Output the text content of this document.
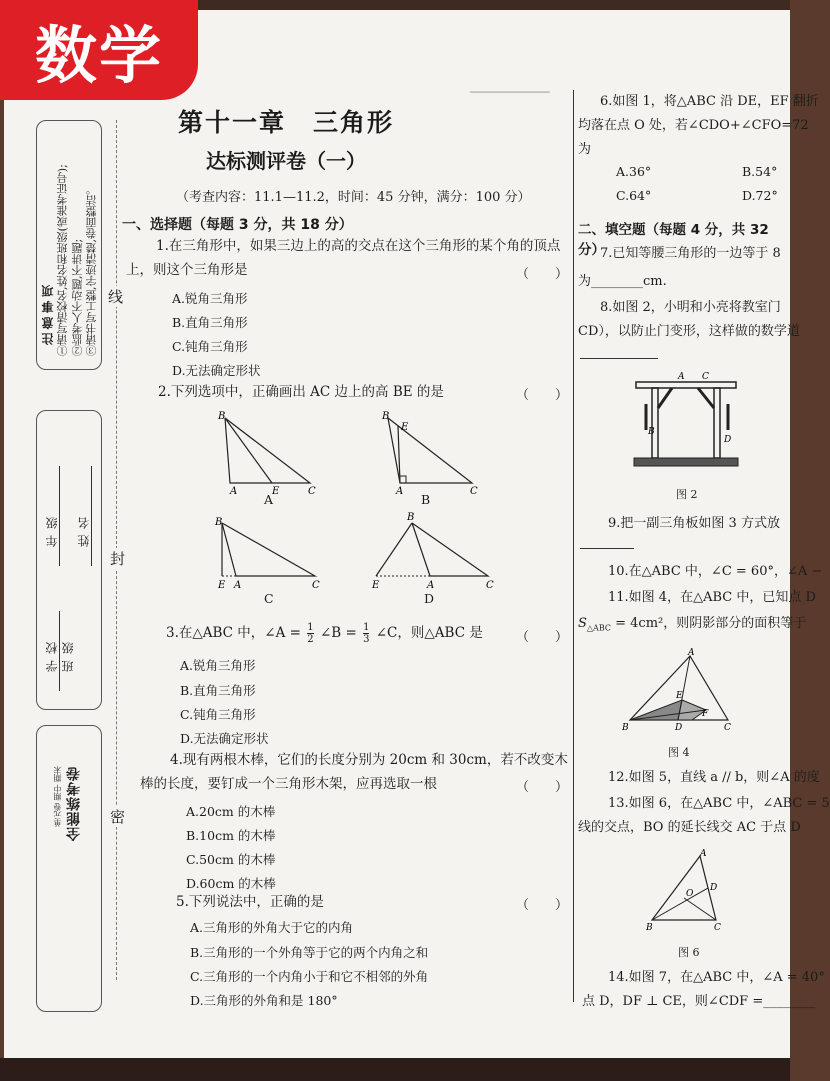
数学
━━━━━━━━━━━━
注意事项 ①请写清校名,姓名和班级(或准考证号); ②监考人不动题,不讲题; ③请书写工整,字迹清楚,卷面整洁。
学校 班级
年级 姓名
单元卷 期中 期末 全能练考卷
线
封
密
第十一章　三角形
达标测评卷（一）
（考查内容：11.1—11.2，时间：45 分钟，满分：100 分）
一、选择题（每题 3 分，共 18 分）
1.在三角形中，如果三边上的高的交点在这个三角形的某个角的顶点上，则这个三角形是	（　　）
A.锐角三角形
B.直角三角形
C.钝角三角形
D.无法确定形状
2.下列选项中，正确画出 AC 边上的高 BE 的是	（　　）
B
A	E	C
B
E
A	C
B
E A	C
B
E	A	C
A	B
C	D
3.在△ABC 中，∠A = $\frac{1}{2}$ ∠B = $\frac{1}{3}$ ∠C，则△ABC 是	（　　）
A.锐角三角形
B.直角三角形
C.钝角三角形
D.无法确定形状
4.现有两根木棒，它们的长度分别为 20cm 和 30cm，若不改变木棒的长度，要钉成一个三角形木架，应再选取一根	（　　）
A.20cm 的木棒
B.10cm 的木棒
C.50cm 的木棒
D.60cm 的木棒
5.下列说法中，正确的是	（　　）
A.三角形的外角大于它的内角
B.三角形的一个外角等于它的两个内角之和
C.三角形的一个内角小于和它不相邻的外角
D.三角形的外角和是 180°
6.如图 1，将△ABC 沿 DE，EF 翻折
均落在点 O 处，若∠CDO+∠CFO=72
为
A.36°	B.54°
C.64°	D.72°
二、填空题（每题 4 分，共 32 分）
7.已知等腰三角形的一边等于 8
为________cm.
8.如图 2，小明和小亮将教室门
CD），以防止门变形，这样做的数学道
A C
B
D
图 2
9.把一副三角板如图 3 方式放
10.在△ABC 中，∠C = 60°，∠A −
11.如图 4，在△ABC 中，已知点 D
$S_{\triangle ABC} = 4cm^2$，则阴影部分的面积等于
A
E
F
B	D	C
图 4
12.如图 5，直线 a // b，则∠A 的度
13.如图 6，在△ABC 中，∠ABC = 5
线的交点，BO 的延长线交 AC 于点 D
A
D
O
B	C
图 6
14.如图 7，在△ABC 中，∠A = 40°
点 D，DF ⊥ CE，则∠CDF =________
